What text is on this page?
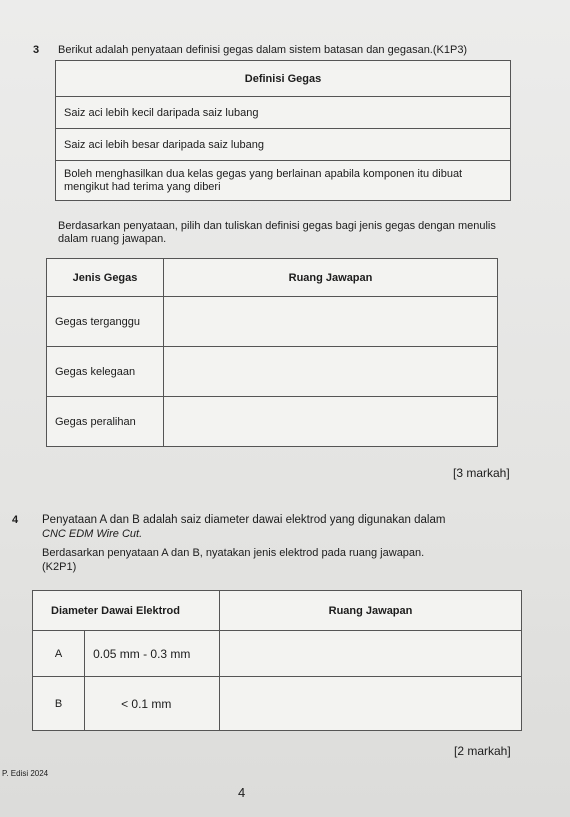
3 Berikut adalah penyataan definisi gegas dalam sistem batasan dan gegasan.(K1P3)
Definisi Gegas
Saiz aci lebih kecil daripada saiz lubang
Saiz aci lebih besar daripada saiz lubang
Boleh menghasilkan dua kelas gegas yang berlainan apabila komponen itu dibuat mengikut had terima yang diberi
Berdasarkan penyataan, pilih dan tuliskan definisi gegas bagi jenis gegas dengan menulis dalam ruang jawapan.
Jenis Gegas	Ruang Jawapan
Gegas terganggu	
Gegas kelegaan	
Gegas peralihan	
[3 markah]
4 Penyataan A dan B adalah saiz diameter dawai elektrod yang digunakan dalam
CNC EDM Wire Cut.
Berdasarkan penyataan A dan B, nyatakan jenis elektrod pada ruang jawapan.
(K2P1)
Diameter Dawai Elektrod		Ruang Jawapan
A	0.05 mm - 0.3 mm	
B	< 0.1 mm	
[2 markah]
P. Edisi 2024
4
